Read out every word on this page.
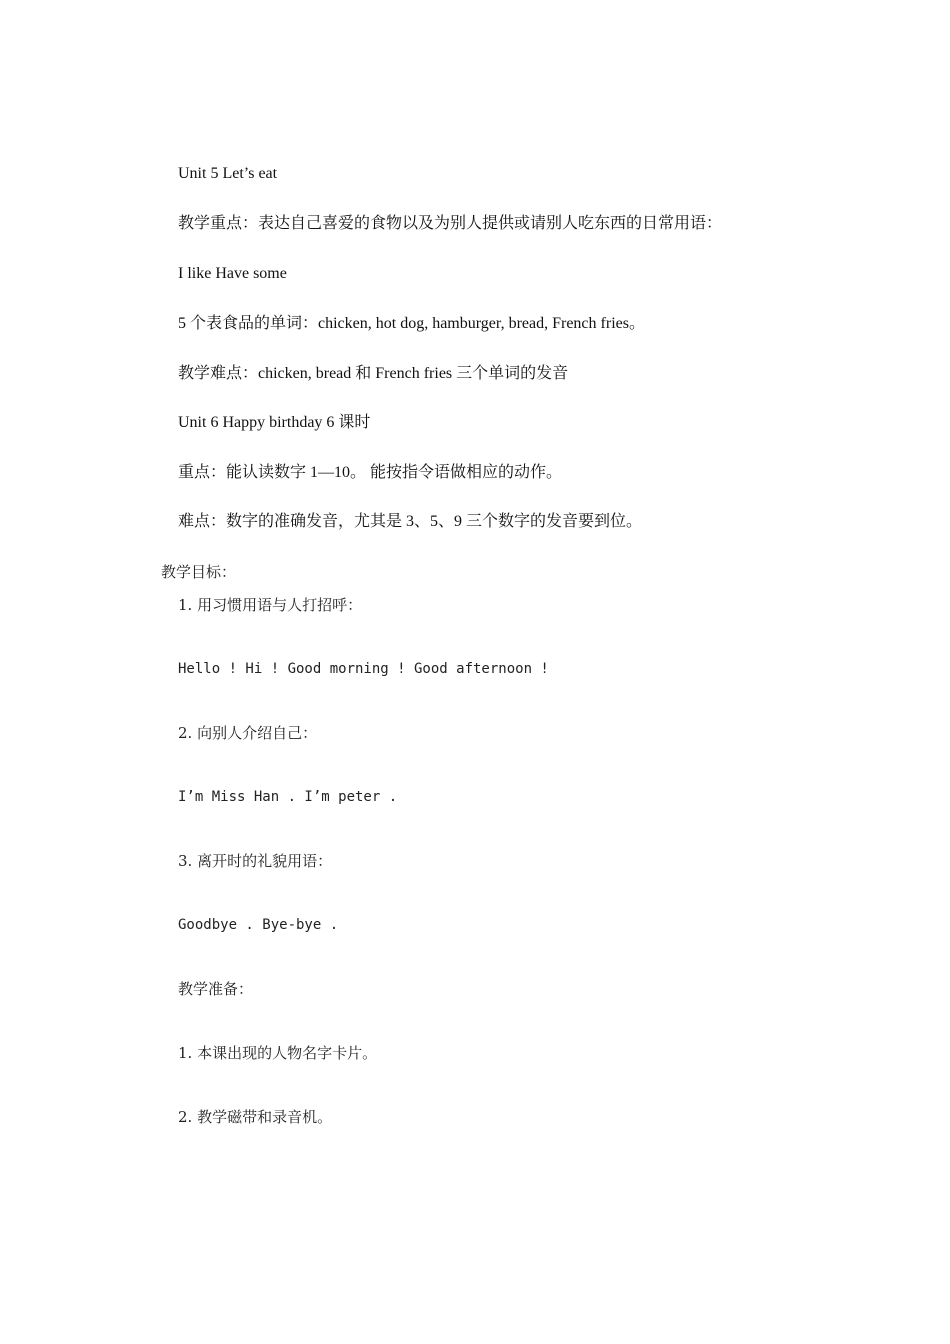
Unit 5 Let’s eat
教学重点：表达自己喜爱的食物以及为别人提供或请别人吃东西的日常用语：
I like Have some
5 个表食品的单词：chicken, hot dog, hamburger, bread, French fries。
教学难点：chicken, bread 和 French fries 三个单词的发音
Unit 6 Happy birthday 6 课时
重点：能认读数字 1—10。 能按指令语做相应的动作。
难点：数字的准确发音，尤其是 3、5、9 三个数字的发音要到位。
教学目标：
1. 用习惯用语与人打招呼：
Hello ! Hi ! Good morning ! Good afternoon !
2. 向别人介绍自己：
I’m Miss Han . I’m peter .
3. 离开时的礼貌用语：
Goodbye . Bye-bye .
教学准备：
1. 本课出现的人物名字卡片。
2. 教学磁带和录音机。
